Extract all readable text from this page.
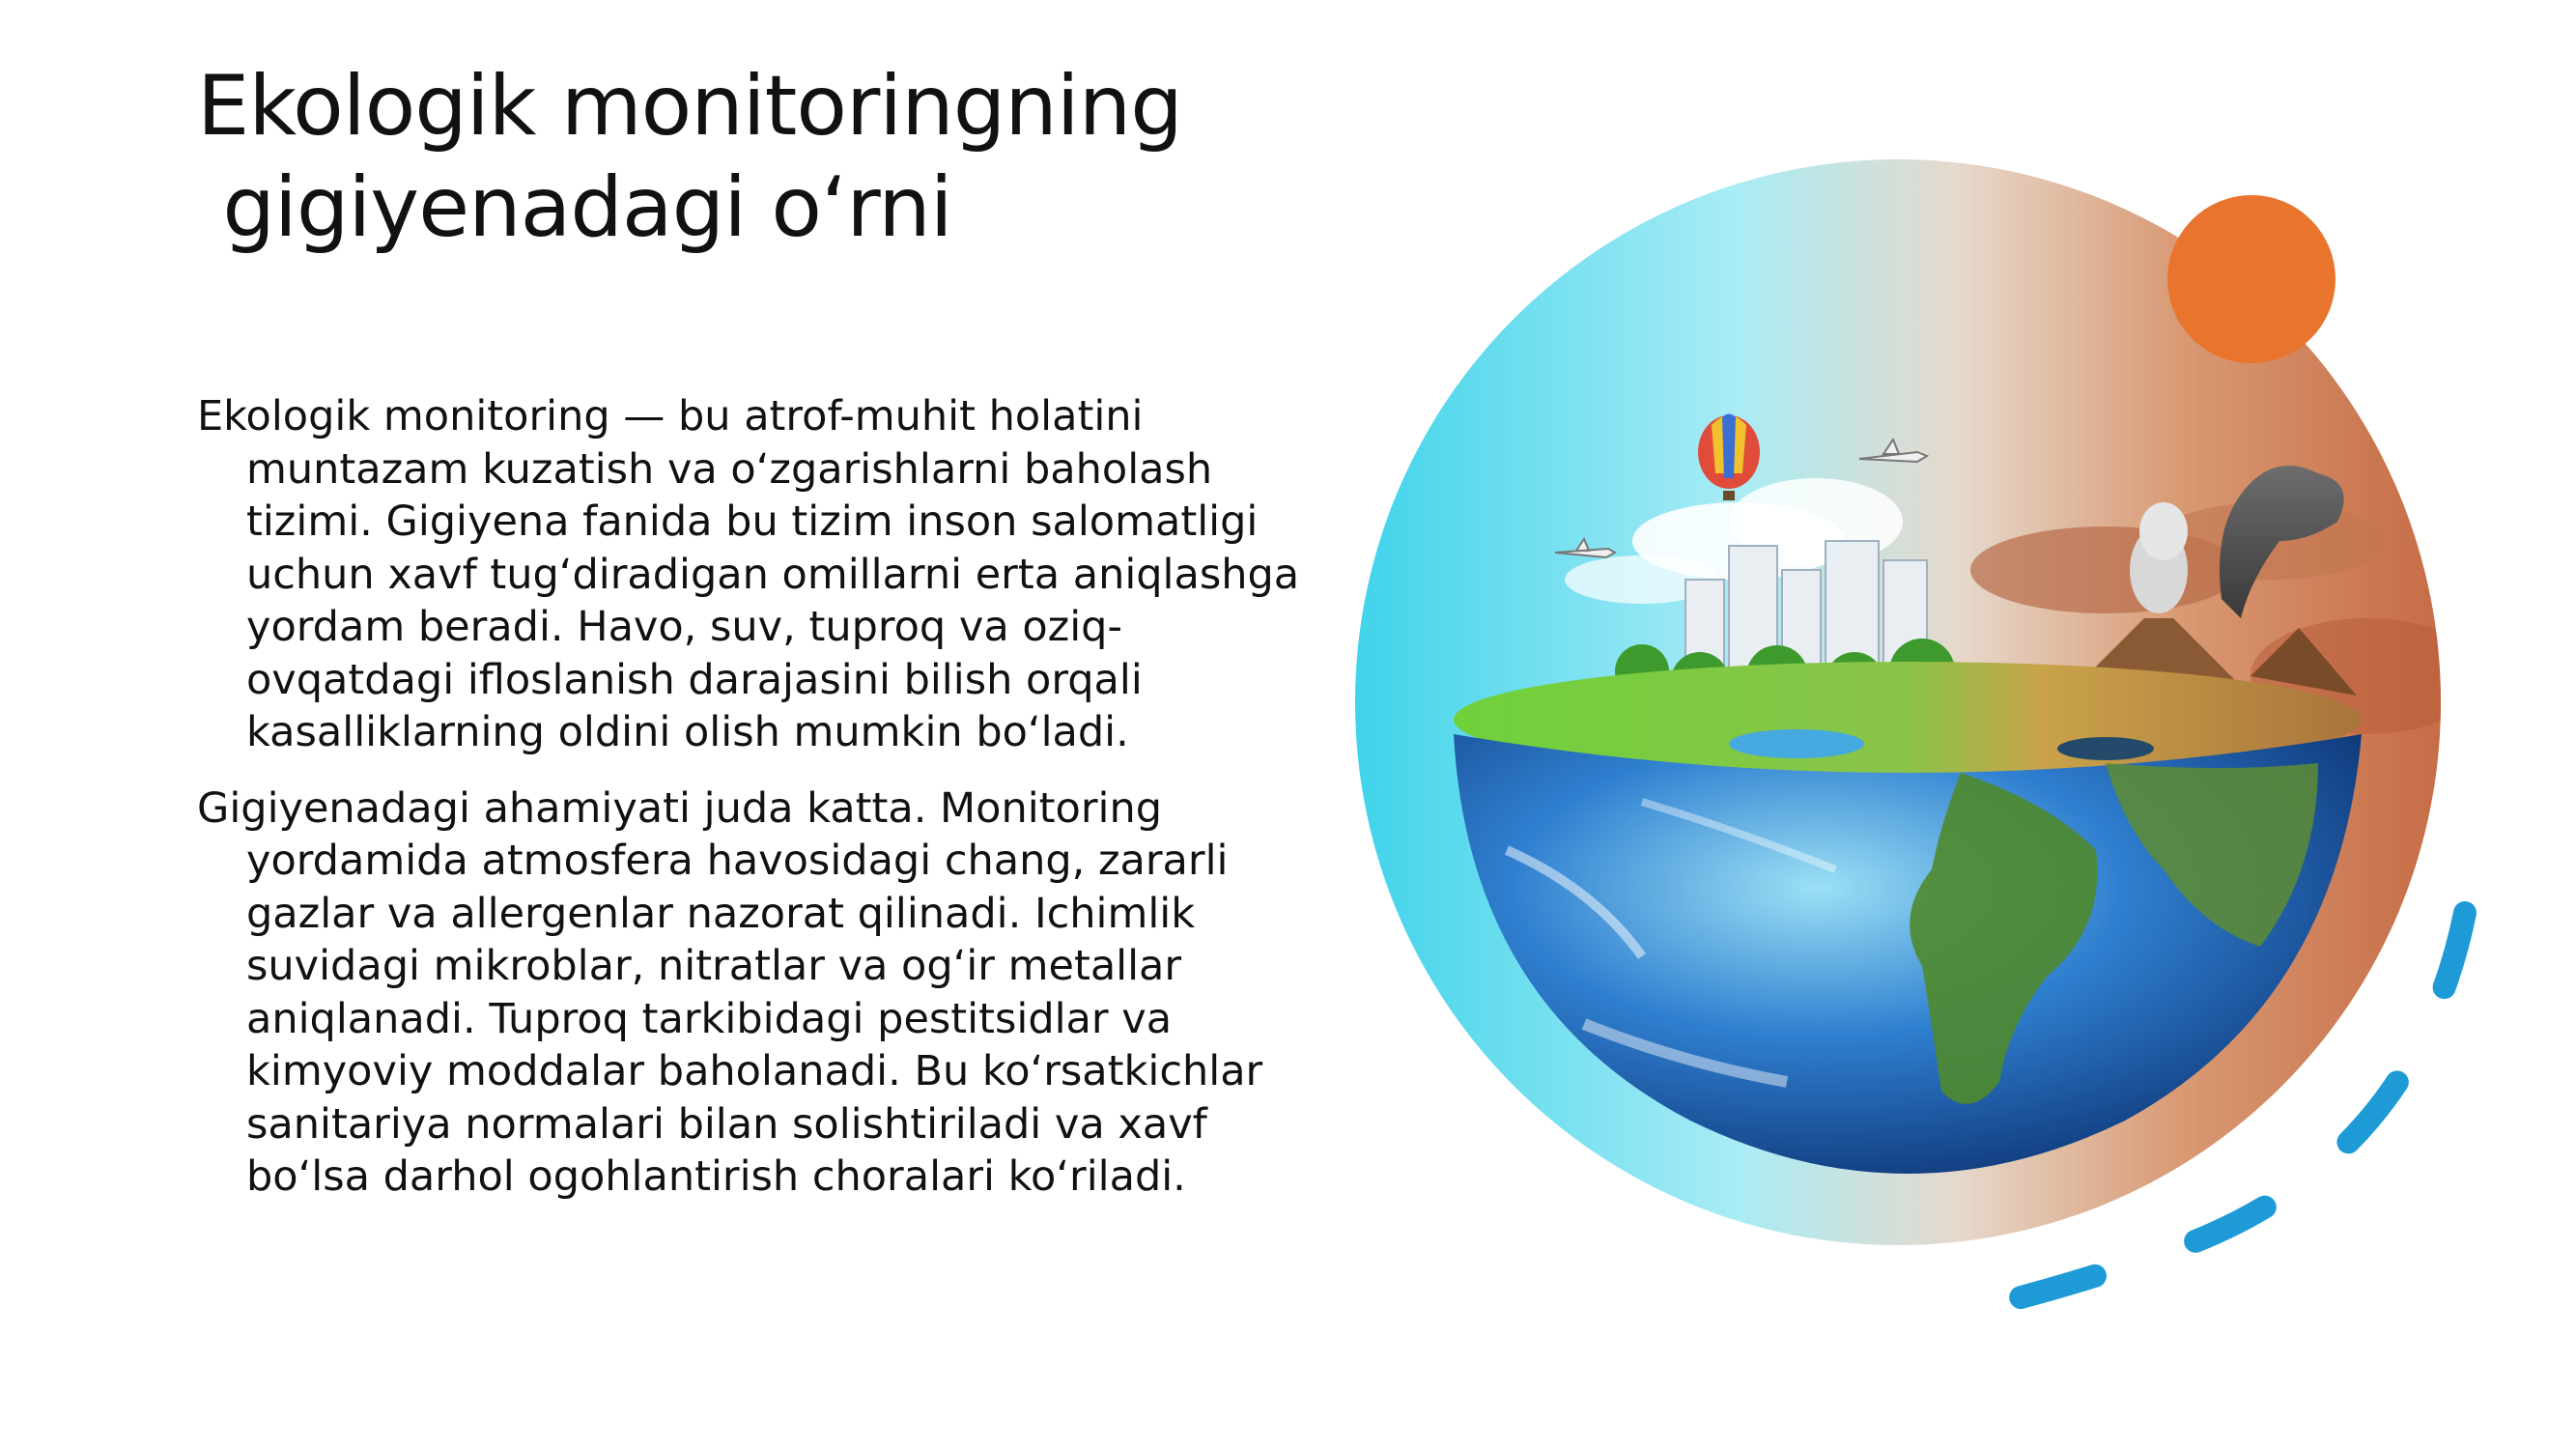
Ekologik monitoringning
gigiyenadagi o‘rni

Ekologik monitoring — bu atrof-muhit holatini
muntazam kuzatish va o‘zgarishlarni baholash
tizimi. Gigiyena fanida bu tizim inson salomatligi
uchun xavf tug‘diradigan omillarni erta aniqlashga
yordam beradi. Havo, suv, tuproq va oziq-
ovqatdagi ifloslanish darajasini bilish orqali
kasalliklarning oldini olish mumkin bo‘ladi.

Gigiyenadagi ahamiyati juda katta. Monitoring
yordamida atmosfera havosidagi chang, zararli
gazlar va allergenlar nazorat qilinadi. Ichimlik
suvidagi mikroblar, nitratlar va og‘ir metallar
aniqlanadi. Tuproq tarkibidagi pestitsidlar va
kimyoviy moddalar baholanadi. Bu ko‘rsatkichlar
sanitariya normalari bilan solishtiriladi va xavf
bo‘lsa darhol ogohlantirish choralari ko‘riladi.
